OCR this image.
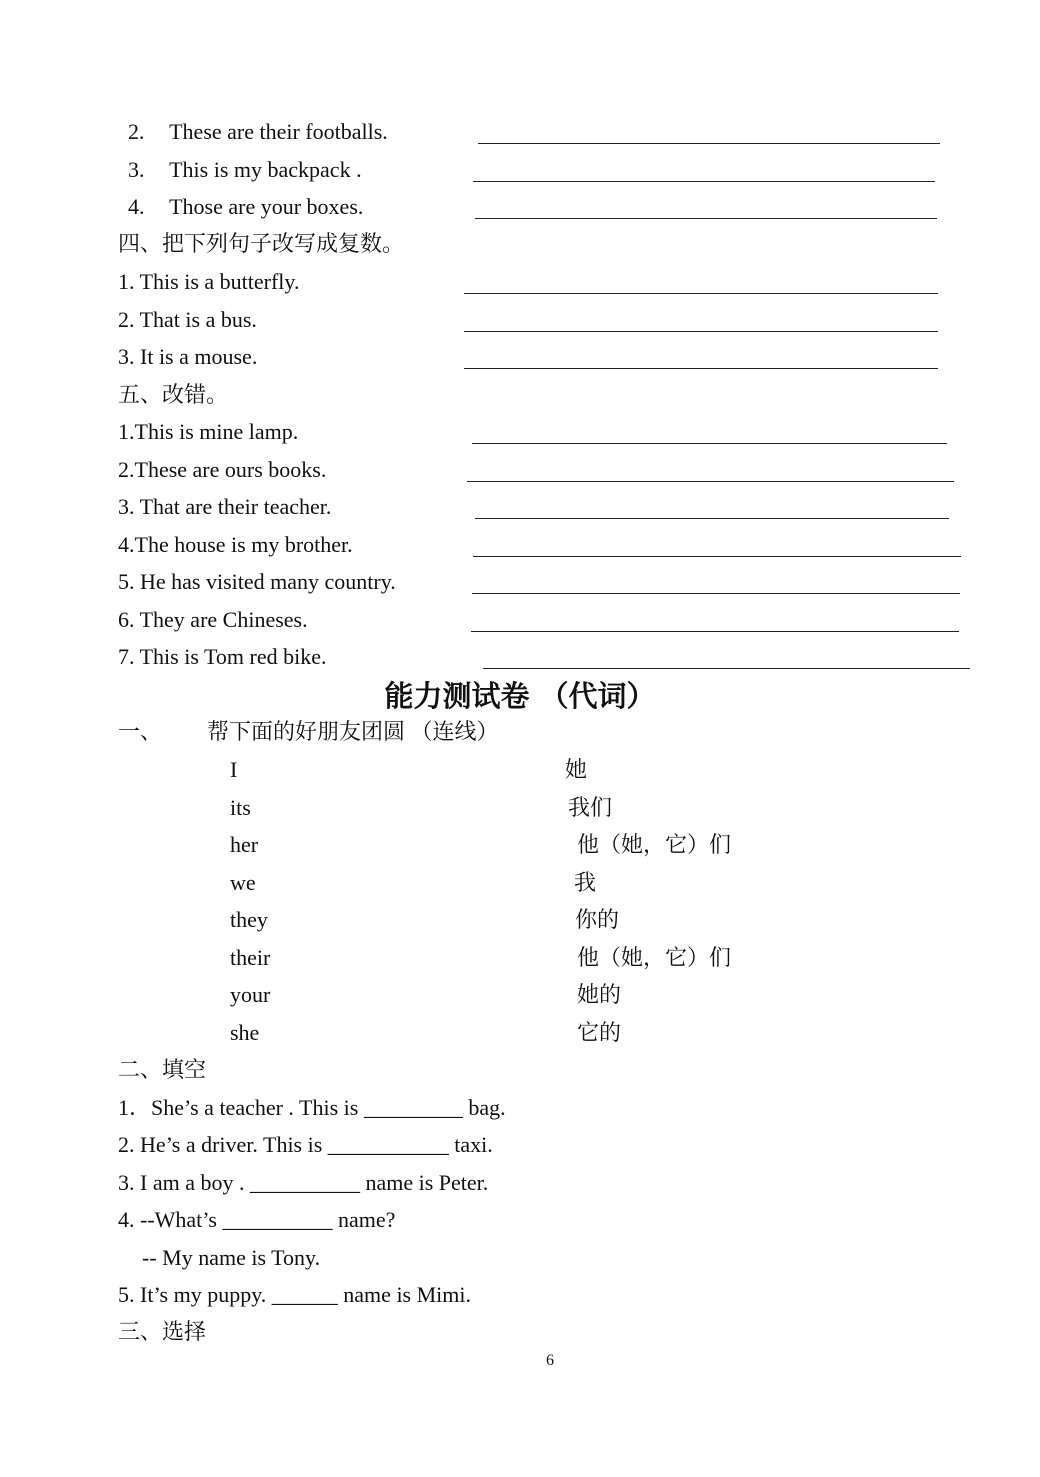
2. These are their footballs.
3. This is my backpack .
4. Those are your boxes.
四、把下列句子改写成复数。
1. This is a butterfly.
2. That is a bus.
3. It is a mouse.
五、改错。
1.This is mine lamp.
2.These are ours books.
3. That are their teacher.
4.The house is my brother.
5. He has visited many country.
6. They are Chineses.
7. This is Tom red bike.
能力测试卷 （代词）
一、 帮下面的好朋友团圆 （连线）
I	她
its	我们
her	他（她，它）们
we	我
they	你的
their	他（她，它）们
your	她的
she	它的
二、填空
1．She’s a teacher . This is _________ bag.
2. He’s a driver. This is ___________ taxi.
3. I am a boy . __________ name is Peter.
4. --What’s __________ name?
-- My name is Tony.
5. It’s my puppy. ______ name is Mimi.
三、选择
6
